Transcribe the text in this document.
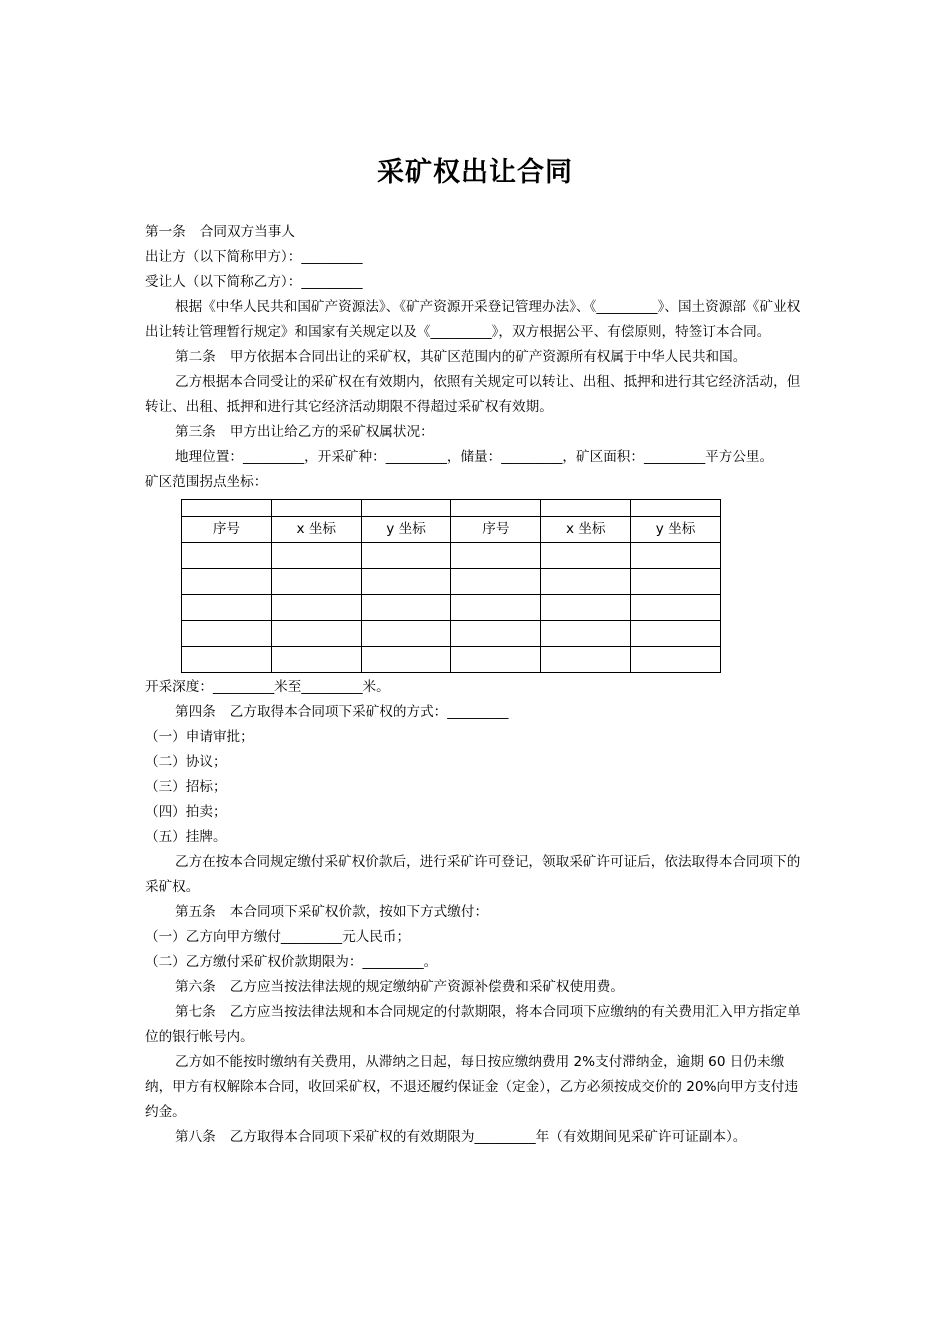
采矿权出让合同

第一条 合同双方当事人

出让方（以下简称甲方）：_________

受让人（以下简称乙方）：_________

根据《中华人民共和国矿产资源法》、《矿产资源开采登记管理办法》、《_________》、国土资源部《矿业权出让转让管理暂行规定》和国家有关规定以及《_________》，双方根据公平、有偿原则，特签订本合同。

第二条 甲方依据本合同出让的采矿权，其矿区范围内的矿产资源所有权属于中华人民共和国。

乙方根据本合同受让的采矿权在有效期内，依照有关规定可以转让、出租、抵押和进行其它经济活动，但转让、出租、抵押和进行其它经济活动期限不得超过采矿权有效期。

第三条 甲方出让给乙方的采矿权属状况：

地理位置：_________，开采矿种：_________，储量：_________，矿区面积：_________平方公里。

矿区范围拐点坐标：

序号	x 坐标	y 坐标	序号	x 坐标	y 坐标

开采深度：_________米至_________米。

第四条 乙方取得本合同项下采矿权的方式：_________

（一）申请审批；

（二）协议；

（三）招标；

（四）拍卖；

（五）挂牌。

乙方在按本合同规定缴付采矿权价款后，进行采矿许可登记，领取采矿许可证后，依法取得本合同项下的采矿权。

第五条 本合同项下采矿权价款，按如下方式缴付：

（一）乙方向甲方缴付_________元人民币；

（二）乙方缴付采矿权价款期限为：_________。

第六条 乙方应当按法律法规的规定缴纳矿产资源补偿费和采矿权使用费。

第七条 乙方应当按法律法规和本合同规定的付款期限，将本合同项下应缴纳的有关费用汇入甲方指定单位的银行帐号内。

乙方如不能按时缴纳有关费用，从滞纳之日起，每日按应缴纳费用 2%支付滞纳金，逾期 60 日仍未缴纳，甲方有权解除本合同，收回采矿权，不退还履约保证金（定金），乙方必须按成交价的 20%向甲方支付违约金。

第八条 乙方取得本合同项下采矿权的有效期限为_________年（有效期间见采矿许可证副本）。
